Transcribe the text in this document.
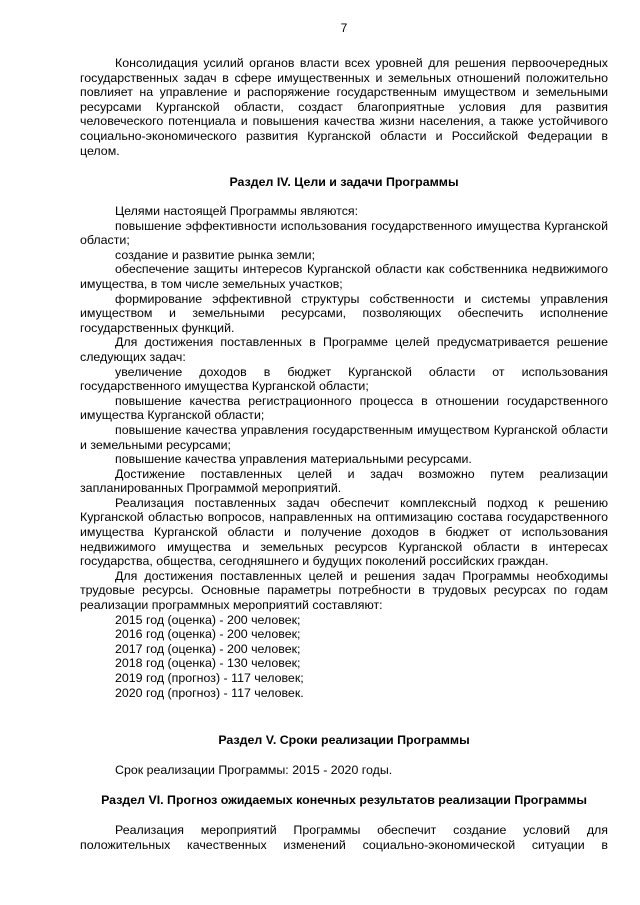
7

Консолидация усилий органов власти всех уровней для решения первоочередных государственных задач в сфере имущественных и земельных отношений положительно повлияет на управление и распоряжение государственным имуществом и земельными ресурсами Курганской области, создаст благоприятные условия для развития человеческого потенциала и повышения качества жизни населения, а также устойчивого социально-экономического развития Курганской области и Российской Федерации в целом.

Раздел IV. Цели и задачи Программы

Целями настоящей Программы являются:

повышение эффективности использования государственного имущества Курганской области;

создание и развитие рынка земли;

обеспечение защиты интересов Курганской области как собственника недвижимого имущества, в том числе земельных участков;

формирование эффективной структуры собственности и системы управления имуществом и земельными ресурсами, позволяющих обеспечить исполнение государственных функций.

Для достижения поставленных в Программе целей предусматривается решение следующих задач:

увеличение доходов в бюджет Курганской области от использования государственного имущества Курганской области;

повышение качества регистрационного процесса в отношении государственного имущества Курганской области;

повышение качества управления государственным имуществом Курганской области и земельными ресурсами;

повышение качества управления материальными ресурсами.

Достижение поставленных целей и задач возможно путем реализации запланированных Программой мероприятий.

Реализация поставленных задач обеспечит комплексный подход к решению Курганской областью вопросов, направленных на оптимизацию состава государственного имущества Курганской области и получение доходов в бюджет от использования недвижимого имущества и земельных ресурсов Курганской области в интересах государства, общества, сегодняшнего и будущих поколений российских граждан.

Для достижения поставленных целей и решения задач Программы необходимы трудовые ресурсы. Основные параметры потребности в трудовых ресурсах по годам реализации программных мероприятий составляют:

2015 год (оценка) - 200 человек;
2016 год (оценка) - 200 человек;
2017 год (оценка) - 200 человек;
2018 год (оценка) - 130 человек;
2019 год (прогноз) - 117 человек;
2020 год (прогноз) - 117 человек.
Раздел V. Сроки реализации Программы

Срок реализации Программы: 2015 - 2020 годы.

Раздел VI. Прогноз ожидаемых конечных результатов реализации Программы

Реализация мероприятий Программы обеспечит создание условий для положительных качественных изменений социально-экономической ситуации в
